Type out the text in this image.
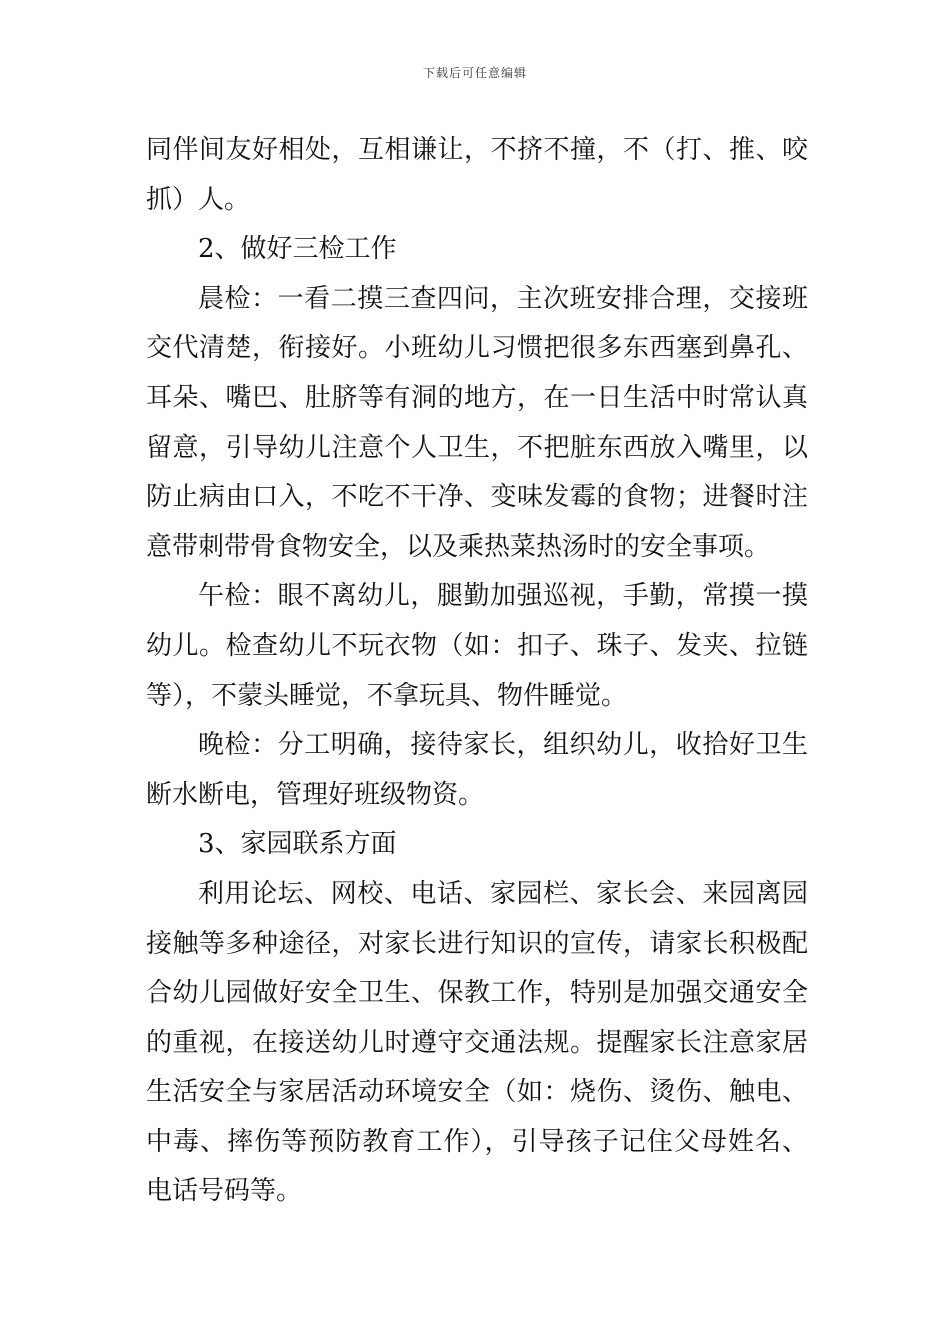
下载后可任意编辑

同伴间友好相处，互相谦让，不挤不撞，不（打、推、咬抓）人。

2、做好三检工作

晨检：一看二摸三查四问，主次班安排合理，交接班交代清楚，衔接好。小班幼儿习惯把很多东西塞到鼻孔、耳朵、嘴巴、肚脐等有洞的地方，在一日生活中时常认真留意，引导幼儿注意个人卫生，不把脏东西放入嘴里，以防止病由口入，不吃不干净、变味发霉的食物；进餐时注意带刺带骨食物安全，以及乘热菜热汤时的安全事项。

午检：眼不离幼儿，腿勤加强巡视，手勤，常摸一摸幼儿。检查幼儿不玩衣物（如：扣子、珠子、发夹、拉链等），不蒙头睡觉，不拿玩具、物件睡觉。

晚检：分工明确，接待家长，组织幼儿，收拾好卫生断水断电，管理好班级物资。

3、家园联系方面

利用论坛、网校、电话、家园栏、家长会、来园离园接触等多种途径，对家长进行知识的宣传，请家长积极配合幼儿园做好安全卫生、保教工作，特别是加强交通安全的重视，在接送幼儿时遵守交通法规。提醒家长注意家居生活安全与家居活动环境安全（如：烧伤、烫伤、触电、中毒、摔伤等预防教育工作），引导孩子记住父母姓名、电话号码等。
